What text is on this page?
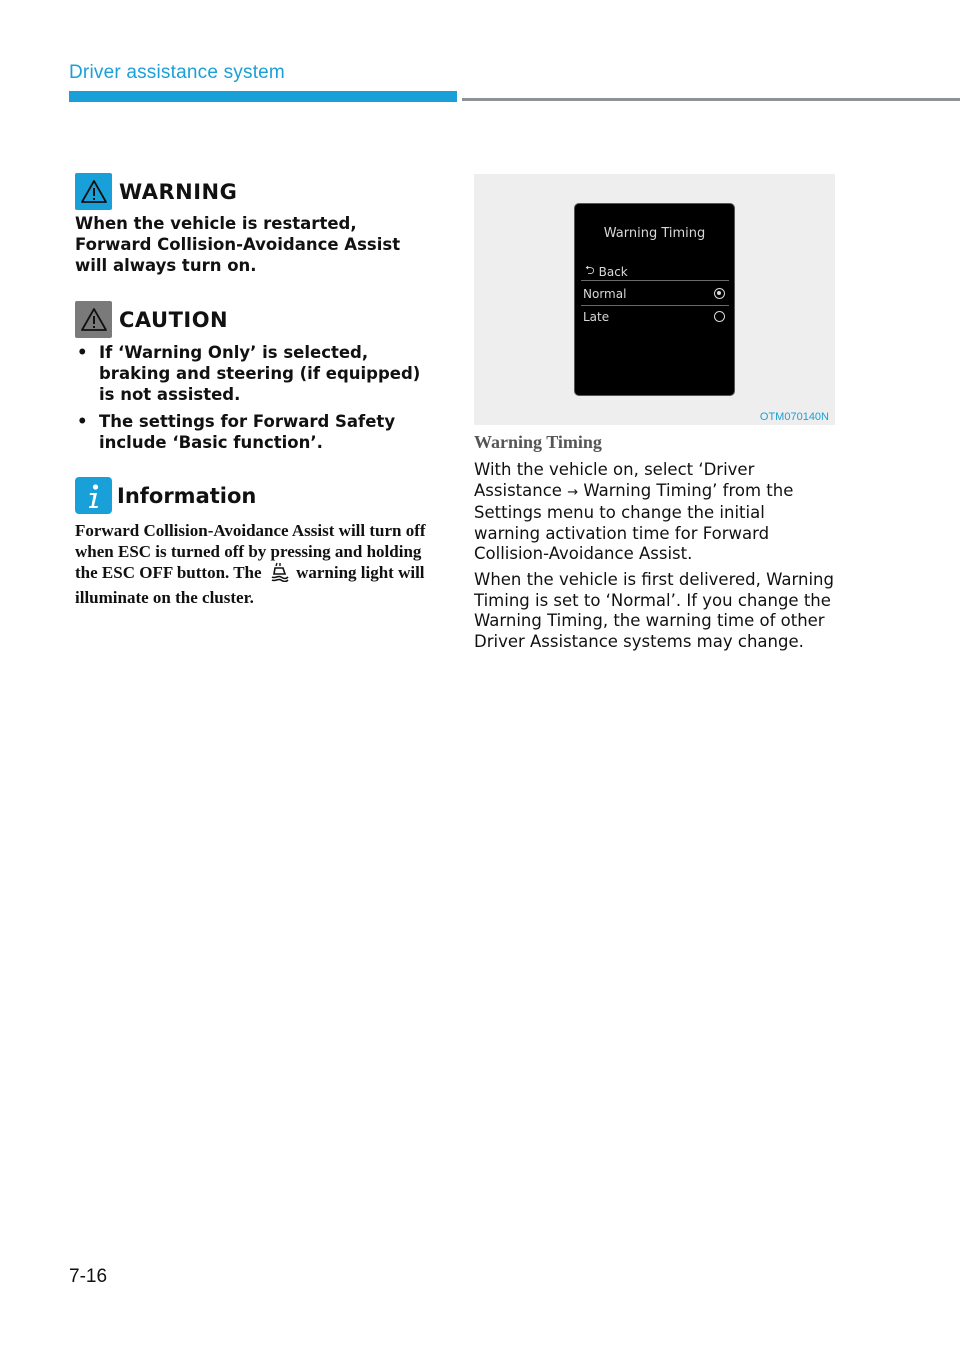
Driver assistance system
WARNING
When the vehicle is restarted, Forward Collision-Avoidance Assist will always turn on.
CAUTION
• If ‘Warning Only’ is selected, braking and steering (if equipped) is not assisted.
• The settings for Forward Safety include ‘Basic function’.
Information
Forward Collision-Avoidance Assist will turn off when ESC is turned off by pressing and holding the ESC OFF button. The warning light will illuminate on the cluster.
Warning Timing
⮌ Back
Normal
Late
OTM070140N
Warning Timing

With the vehicle on, select ‘Driver Assistance → Warning Timing’ from the Settings menu to change the initial warning activation time for Forward Collision-Avoidance Assist.

When the vehicle is first delivered, Warning Timing is set to ‘Normal’. If you change the Warning Timing, the warning time of other Driver Assistance systems may change.

7-16
